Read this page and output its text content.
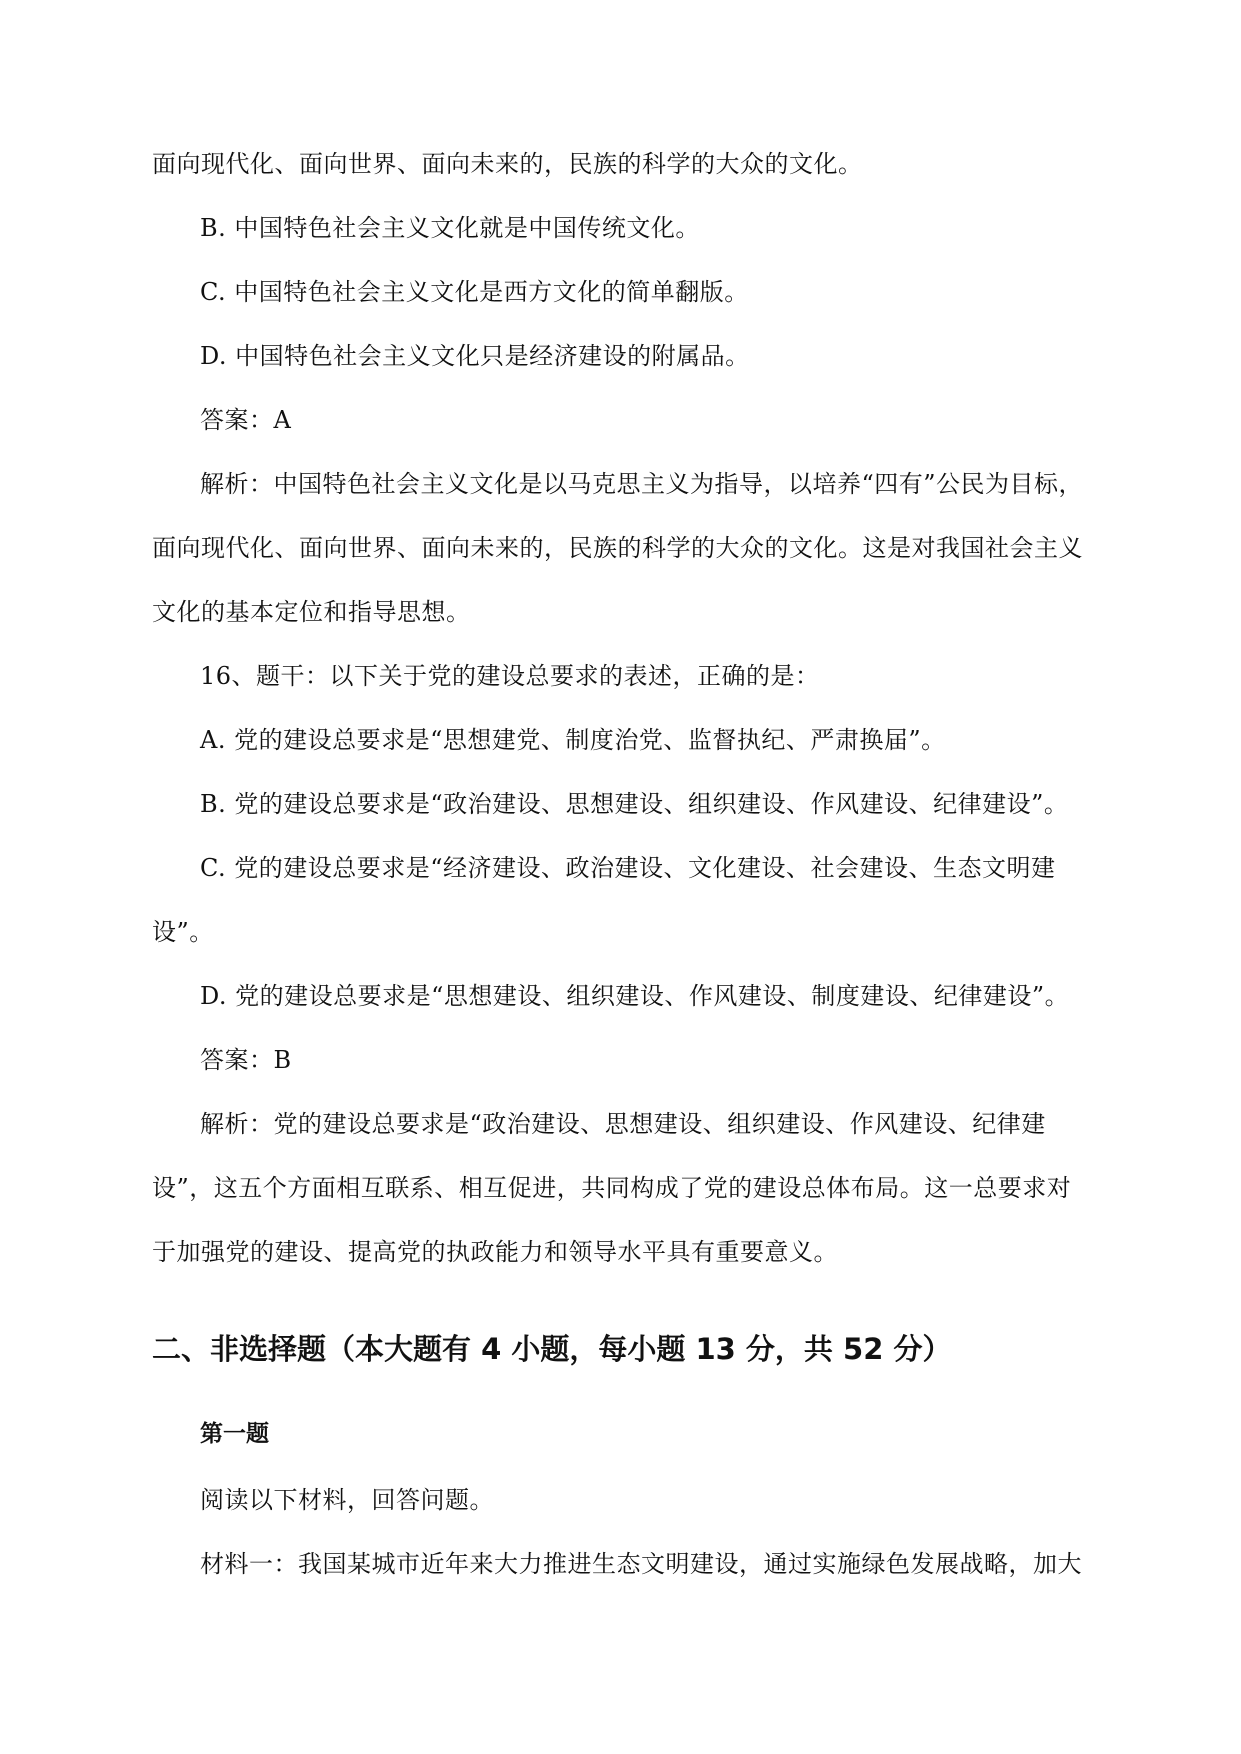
面向现代化、面向世界、面向未来的，民族的科学的大众的文化。
B. 中国特色社会主义文化就是中国传统文化。
C. 中国特色社会主义文化是西方文化的简单翻版。
D. 中国特色社会主义文化只是经济建设的附属品。
答案：A
解析：中国特色社会主义文化是以马克思主义为指导，以培养“四有”公民为目标，
面向现代化、面向世界、面向未来的，民族的科学的大众的文化。这是对我国社会主义
文化的基本定位和指导思想。
16、题干：以下关于党的建设总要求的表述，正确的是：
A. 党的建设总要求是“思想建党、制度治党、监督执纪、严肃换届”。
B. 党的建设总要求是“政治建设、思想建设、组织建设、作风建设、纪律建设”。
C. 党的建设总要求是“经济建设、政治建设、文化建设、社会建设、生态文明建
设”。
D. 党的建设总要求是“思想建设、组织建设、作风建设、制度建设、纪律建设”。
答案：B
解析：党的建设总要求是“政治建设、思想建设、组织建设、作风建设、纪律建
设”，这五个方面相互联系、相互促进，共同构成了党的建设总体布局。这一总要求对
于加强党的建设、提高党的执政能力和领导水平具有重要意义。
二、非选择题（本大题有 4 小题，每小题 13 分，共 52 分）
第一题
阅读以下材料，回答问题。
材料一：我国某城市近年来大力推进生态文明建设，通过实施绿色发展战略，加大
